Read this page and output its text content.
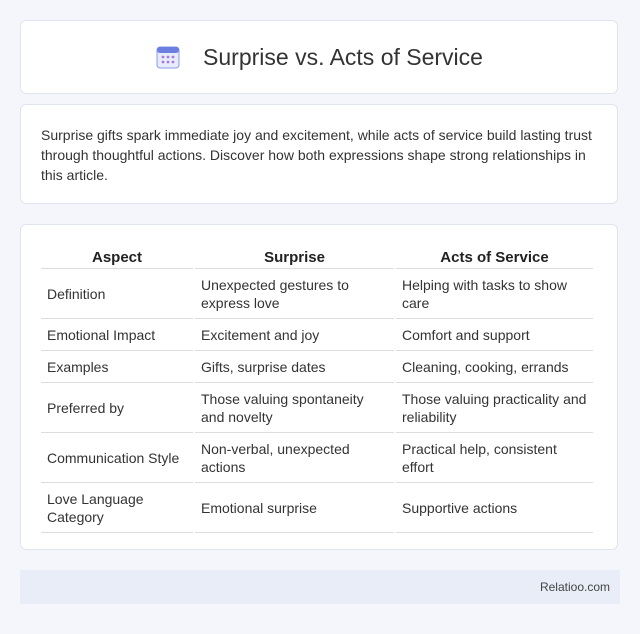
Surprise vs. Acts of Service

Surprise gifts spark immediate joy and excitement, while acts of service build lasting trust through thoughtful actions. Discover how both expressions shape strong relationships in this article.

Aspect	Surprise	Acts of Service
Definition	Unexpected gestures to express love	Helping with tasks to show care
Emotional Impact	Excitement and joy	Comfort and support
Examples	Gifts, surprise dates	Cleaning, cooking, errands
Preferred by	Those valuing spontaneity and novelty	Those valuing practicality and reliability
Communication Style	Non-verbal, unexpected actions	Practical help, consistent effort
Love Language Category	Emotional surprise	Supportive actions
Relatioo.com
